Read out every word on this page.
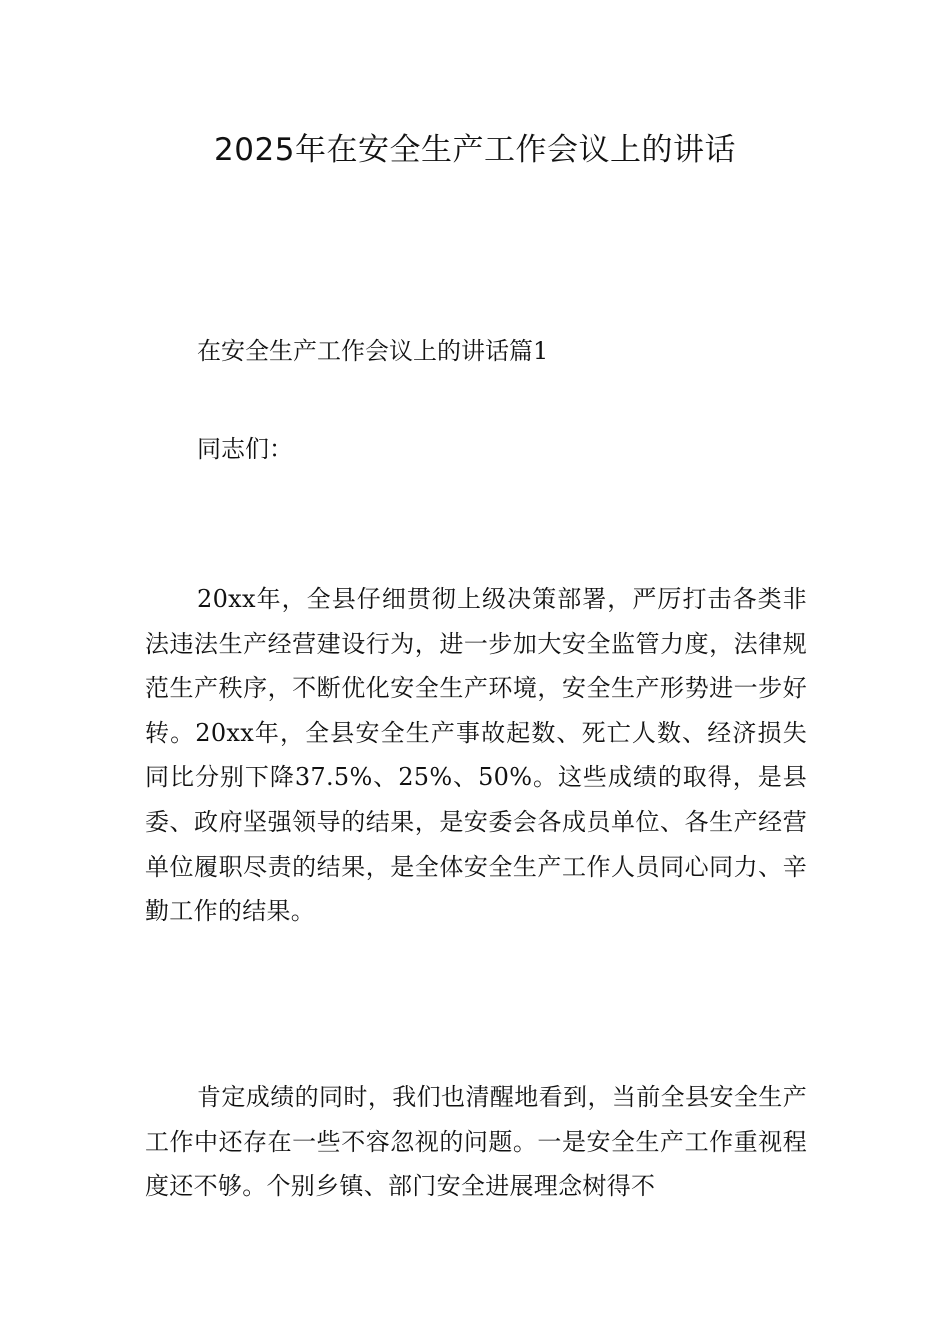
2025年在安全生产工作会议上的讲话
在安全生产工作会议上的讲话篇1
同志们：
20xx年，全县仔细贯彻上级决策部署，严厉打击各类非法违法生产经营建设行为，进一步加大安全监管力度，法律规范生产秩序，不断优化安全生产环境，安全生产形势进一步好转。20xx年，全县安全生产事故起数、死亡人数、经济损失同比分别下降37.5%、25%、50%。这些成绩的取得，是县委、政府坚强领导的结果，是安委会各成员单位、各生产经营单位履职尽责的结果，是全体安全生产工作人员同心同力、辛勤工作的结果。
肯定成绩的同时，我们也清醒地看到，当前全县安全生产工作中还存在一些不容忽视的问题。一是安全生产工作重视程度还不够。个别乡镇、部门安全进展理念树得不
